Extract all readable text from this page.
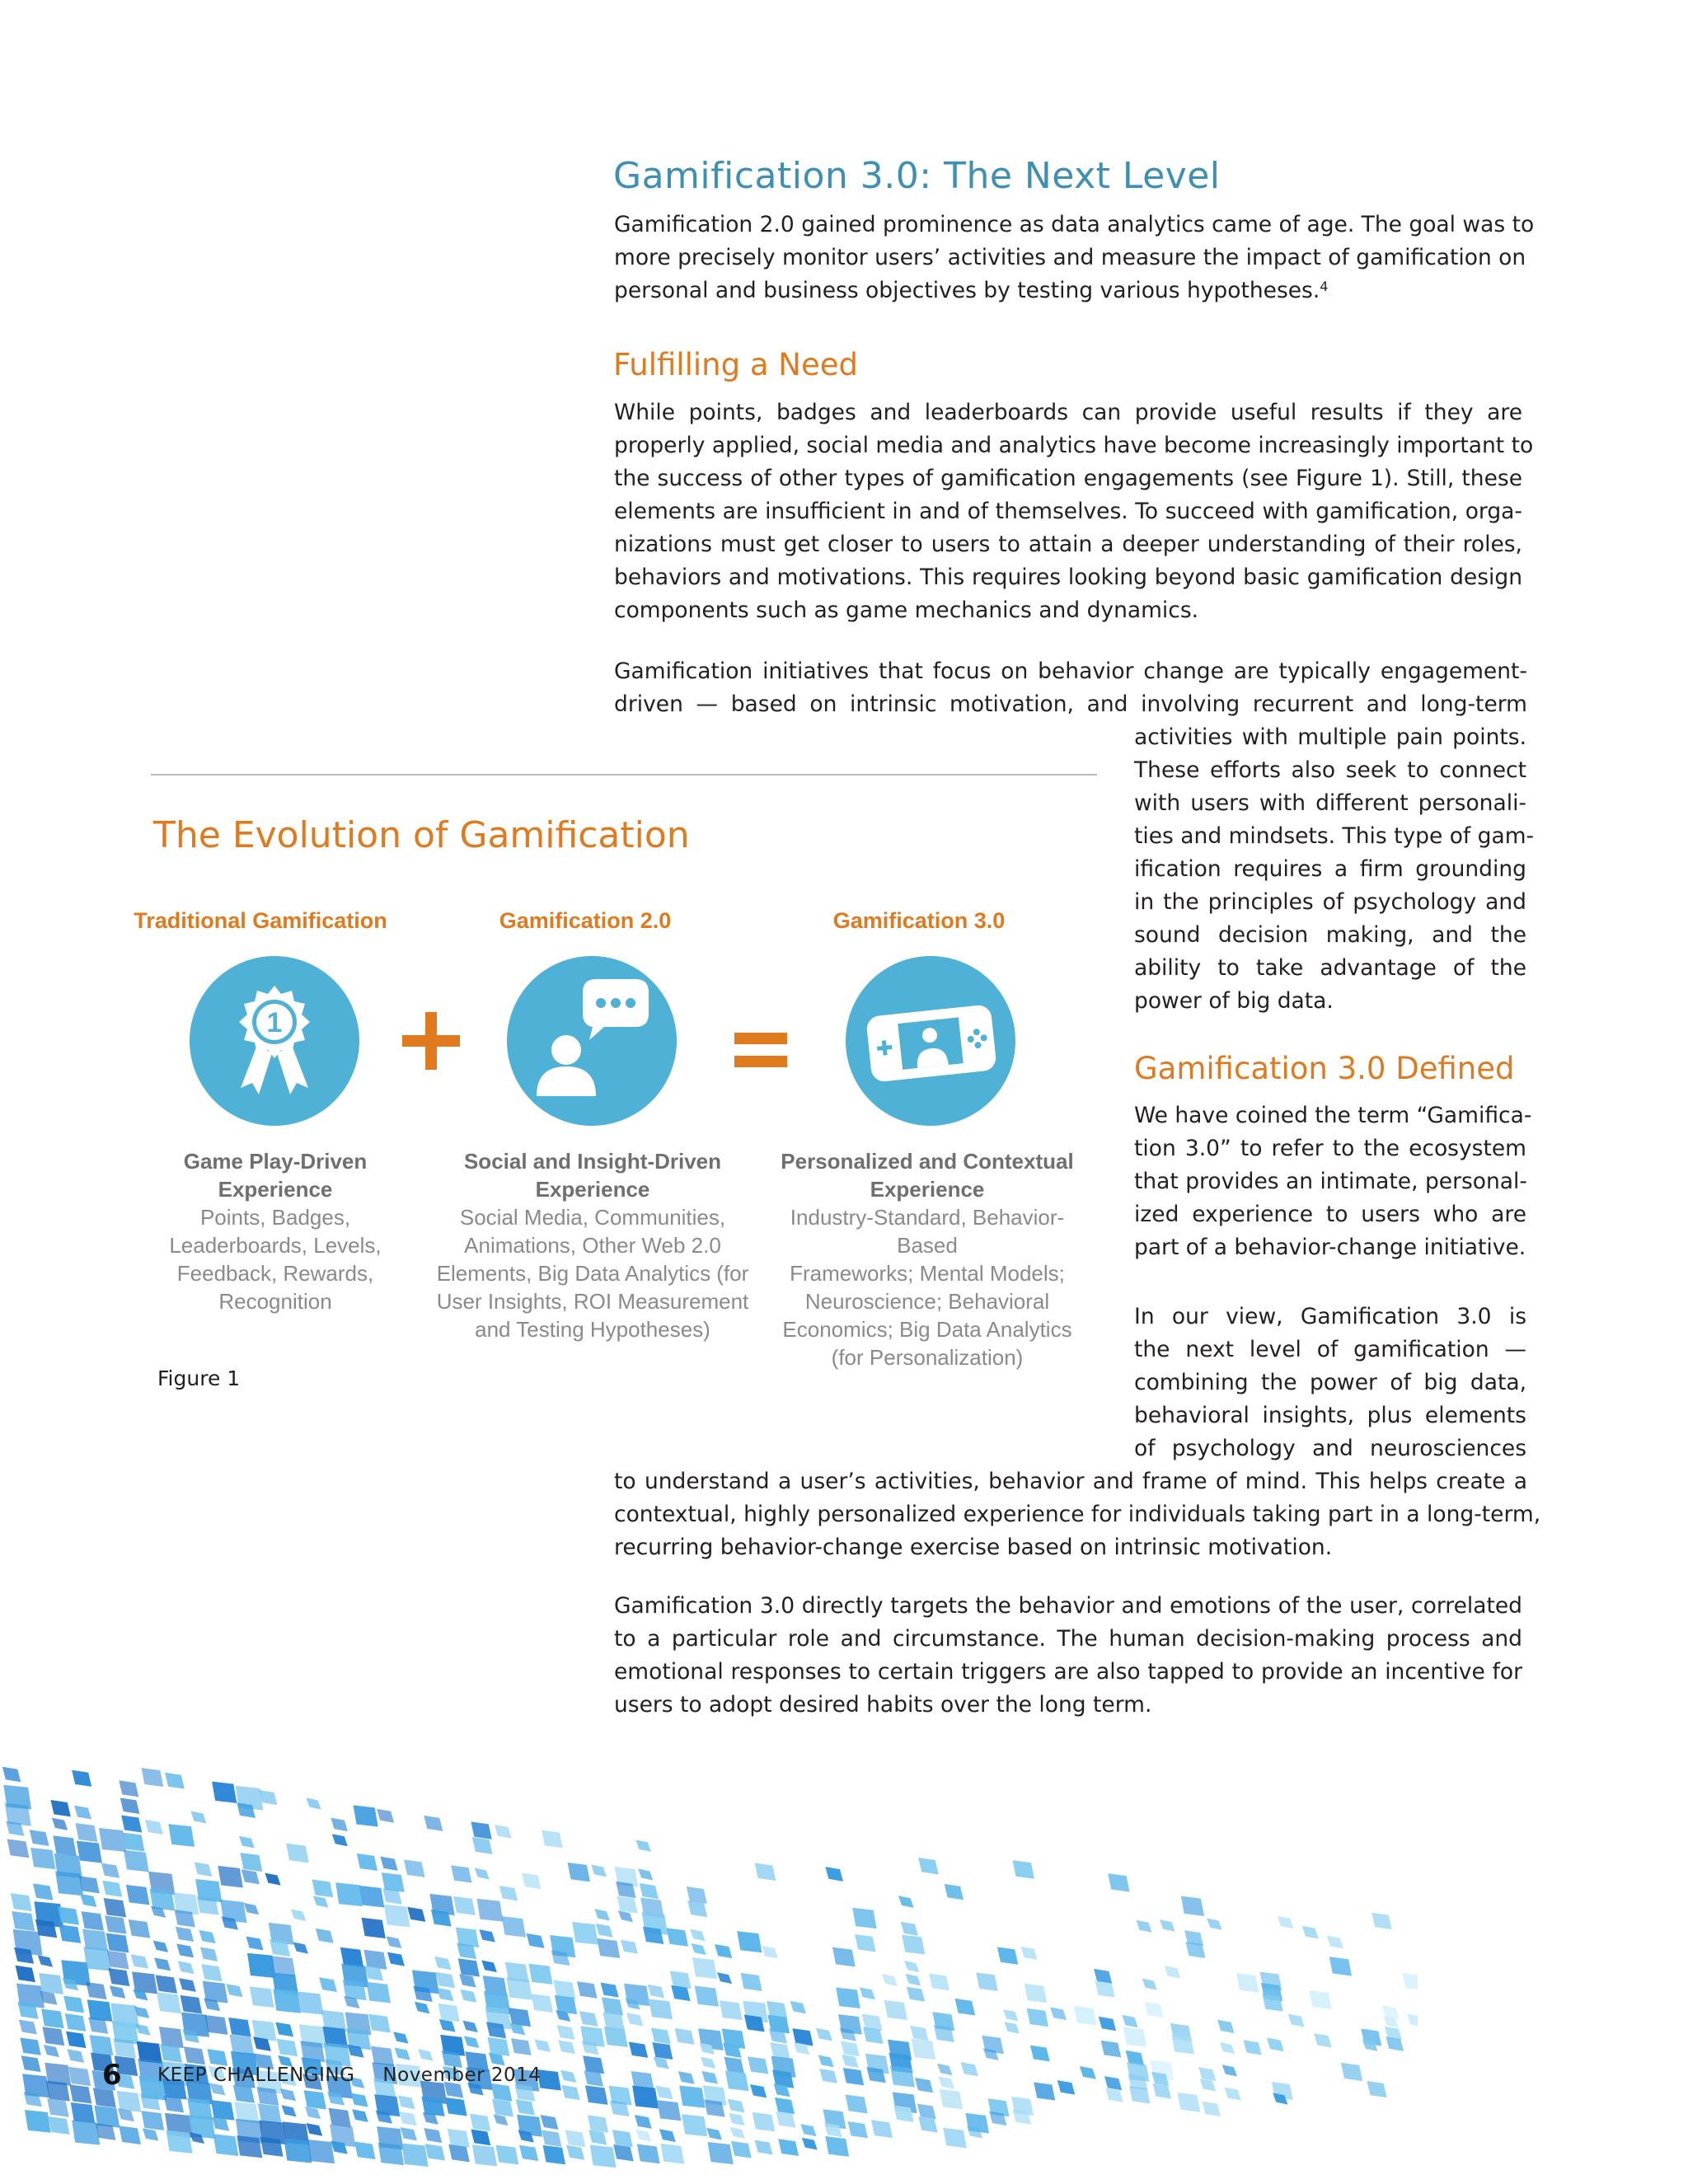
Gamification 3.0: The Next Level
Gamification 2.0 gained prominence as data analytics came of age. The goal was to
more precisely monitor users’ activities and measure the impact of gamification on
personal and business objectives by testing various hypotheses.$^4$
Fulfilling a Need
While points, badges and leaderboards can provide useful results if they are
properly applied, social media and analytics have become increasingly important to
the success of other types of gamification engagements (see Figure 1). Still, these
elements are insufficient in and of themselves. To succeed with gamification, orga-
nizations must get closer to users to attain a deeper understanding of their roles,
behaviors and motivations. This requires looking beyond basic gamification design
components such as game mechanics and dynamics.
Gamification initiatives that focus on behavior change are typically engagement-
driven — based on intrinsic motivation, and involving recurrent and long-term
activities with multiple pain points.
These efforts also seek to connect
with users with different personali-
ties and mindsets. This type of gam-
ification requires a firm grounding
in the principles of psychology and
sound decision making, and the
ability to take advantage of the
power of big data.
Gamification 3.0 Defined
We have coined the term “Gamifica-
tion 3.0” to refer to the ecosystem
that provides an intimate, personal-
ized experience to users who are
part of a behavior-change initiative.
In our view, Gamification 3.0 is
the next level of gamification —
combining the power of big data,
behavioral insights, plus elements
of psychology and neurosciences
to understand a user’s activities, behavior and frame of mind. This helps create a
contextual, highly personalized experience for individuals taking part in a long-term,
recurring behavior-change exercise based on intrinsic motivation.
Gamification 3.0 directly targets the behavior and emotions of the user, correlated
to a particular role and circumstance. The human decision-making process and
emotional responses to certain triggers are also tapped to provide an incentive for
users to adopt desired habits over the long term.
The Evolution of Gamification
Traditional Gamification	Gamification 2.0	Gamification 3.0
1
Game Play-Driven
Experience
Points, Badges,
Leaderboards, Levels,
Feedback, Rewards,
Recognition
Social and Insight-Driven
Experience
Social Media, Communities,
Animations, Other Web 2.0
Elements, Big Data Analytics (for
User Insights, ROI Measurement
and Testing Hypotheses)
Personalized and Contextual
Experience
Industry-Standard, Behavior-Based
Frameworks; Mental Models;
Neuroscience; Behavioral
Economics; Big Data Analytics
(for Personalization)
Figure 1
6 KEEP CHALLENGING November 2014
